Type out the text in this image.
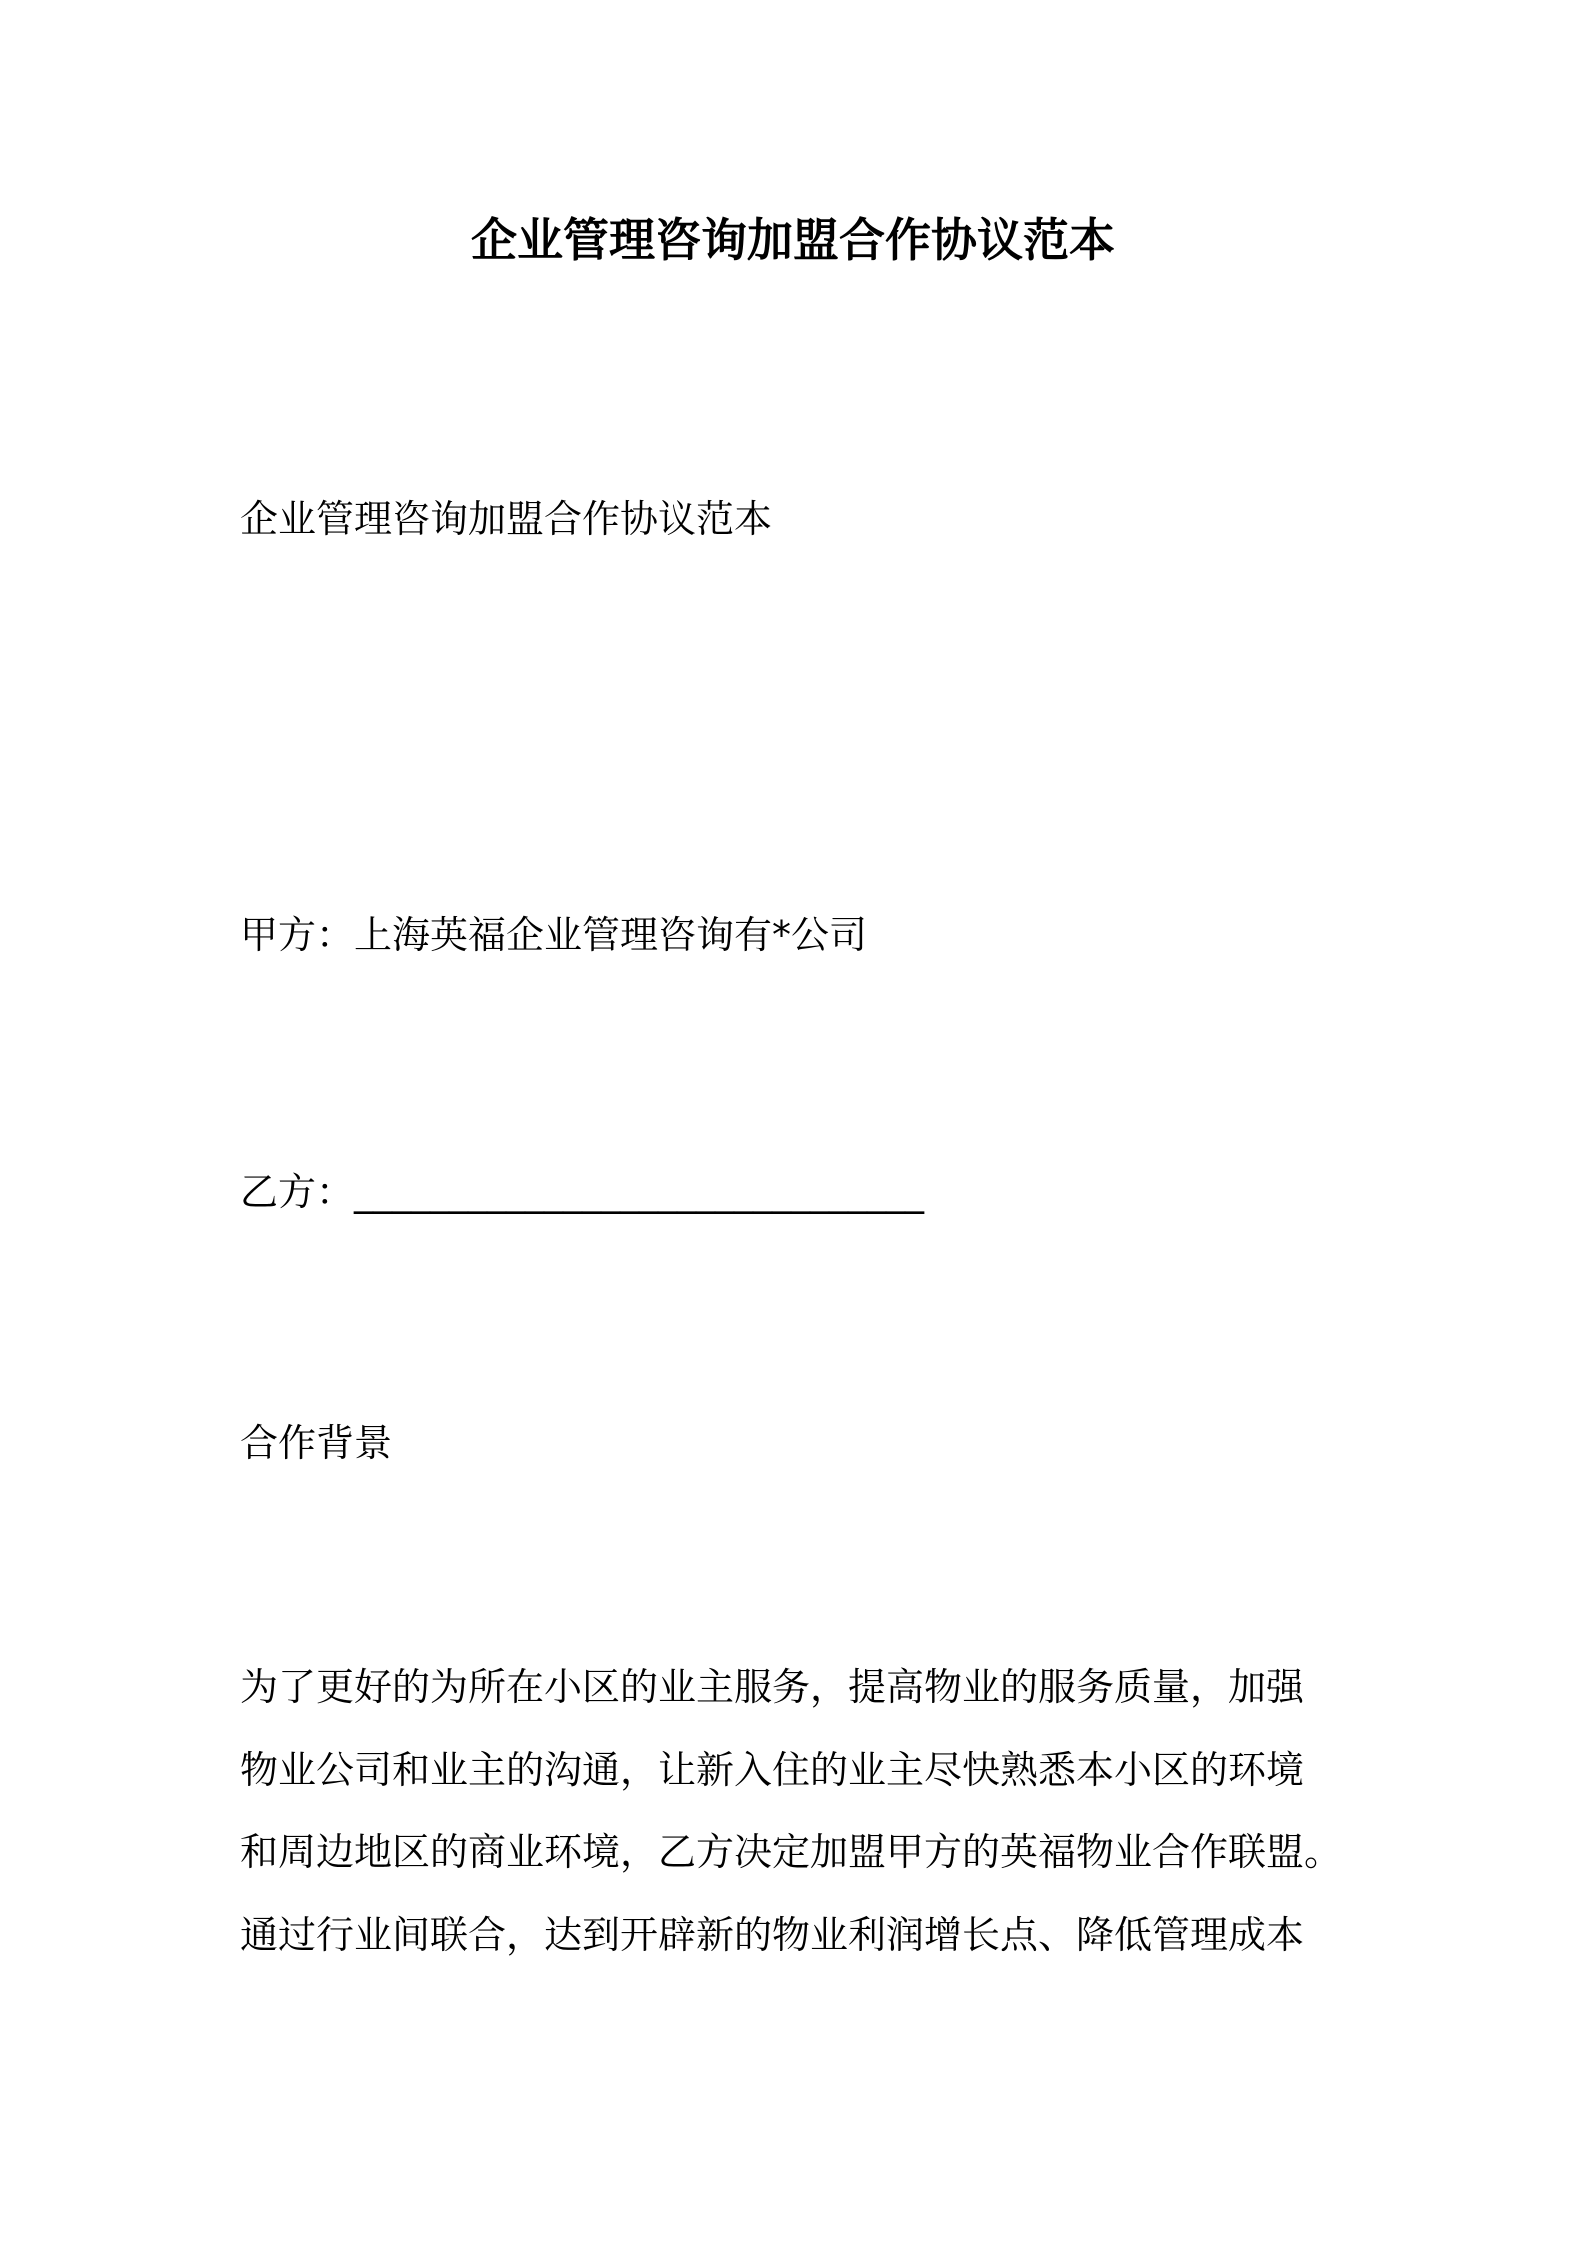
企业管理咨询加盟合作协议范本
企业管理咨询加盟合作协议范本
甲方：上海英福企业管理咨询有*公司
乙方：______________________________
合作背景
为了更好的为所在小区的业主服务，提高物业的服务质量，加强
物业公司和业主的沟通，让新入住的业主尽快熟悉本小区的环境
和周边地区的商业环境，乙方决定加盟甲方的英福物业合作联盟。
通过行业间联合，达到开辟新的物业利润增长点、降低管理成本
